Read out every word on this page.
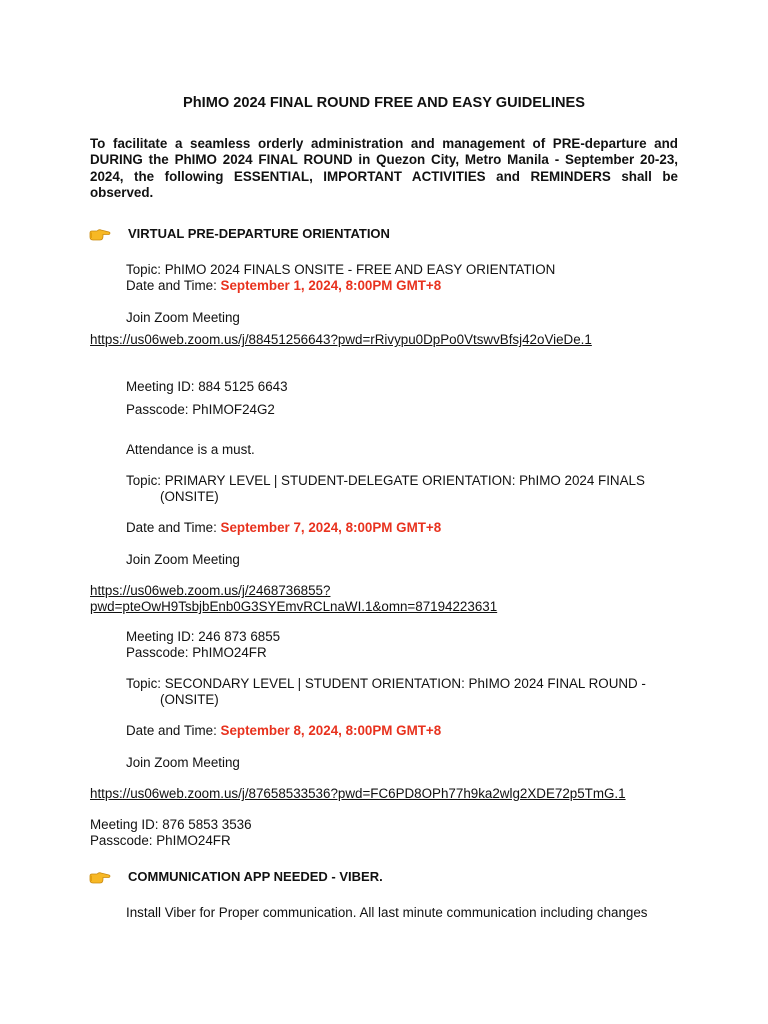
PhIMO 2024 FINAL ROUND FREE AND EASY GUIDELINES
To facilitate a seamless orderly administration and management of PRE-departure and DURING the PhIMO 2024 FINAL ROUND in Quezon City, Metro Manila - September 20-23, 2024, the following ESSENTIAL, IMPORTANT ACTIVITIES and REMINDERS shall be observed.
VIRTUAL PRE-DEPARTURE ORIENTATION
Topic: PhIMO 2024 FINALS ONSITE - FREE AND EASY ORIENTATION
Date and Time: September 1, 2024, 8:00PM GMT+8
Join Zoom Meeting
https://us06web.zoom.us/j/88451256643?pwd=rRivypu0DpPo0VtswvBfsj42oVieDe.1
Meeting ID: 884 5125 6643
Passcode: PhIMOF24G2
Attendance is a must.
Topic: PRIMARY LEVEL | STUDENT-DELEGATE ORIENTATION: PhIMO 2024 FINALS
(ONSITE)
Date and Time: September 7, 2024, 8:00PM GMT+8
Join Zoom Meeting
https://us06web.zoom.us/j/2468736855?
pwd=pteOwH9TsbjbEnb0G3SYEmvRCLnaWI.1&omn=87194223631
Meeting ID: 246 873 6855
Passcode: PhIMO24FR
Topic: SECONDARY LEVEL | STUDENT ORIENTATION: PhIMO 2024 FINAL ROUND -
(ONSITE)
Date and Time: September 8, 2024, 8:00PM GMT+8
Join Zoom Meeting
https://us06web.zoom.us/j/87658533536?pwd=FC6PD8OPh77h9ka2wlg2XDE72p5TmG.1
Meeting ID: 876 5853 3536
Passcode: PhIMO24FR
COMMUNICATION APP NEEDED - VIBER.
Install Viber for Proper communication. All last minute communication including changes
